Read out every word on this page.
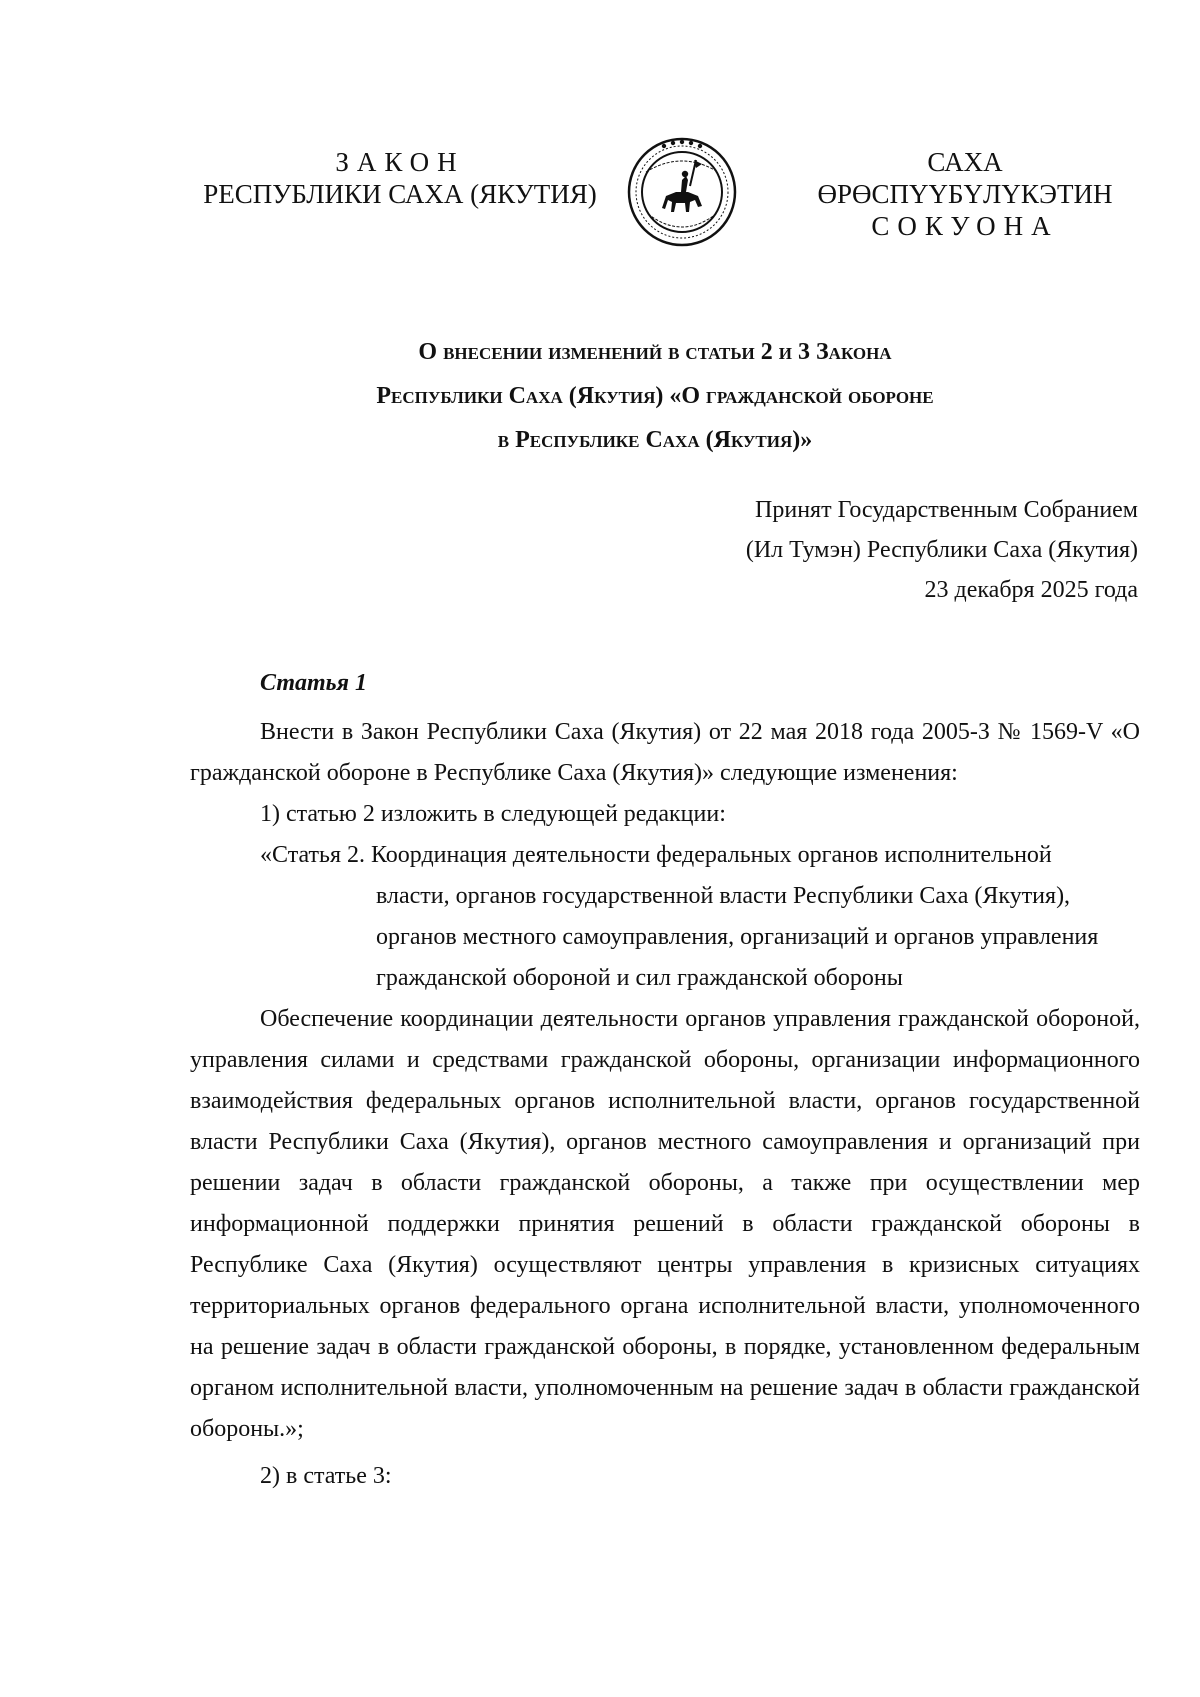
ЗАКОН
РЕСПУБЛИКИ САХА (ЯКУТИЯ)
САХА ӨРӨСПҮҮБҮЛҮКЭТИН
СОКУОНА
О внесении изменений в статьи 2 и 3 Закона
Республики Саха (Якутия) «О гражданской обороне
в Республике Саха (Якутия)»
Принят Государственным Собранием
(Ил Тумэн) Республики Саха (Якутия)
23 декабря 2025 года
Статья 1

Внести в Закон Республики Саха (Якутия) от 22 мая 2018 года 2005-З № 1569-V «О гражданской обороне в Республике Саха (Якутия)» следующие изменения:

1) статью 2 изложить в следующей редакции:
«Статья 2. Координация деятельности федеральных органов исполнительной
власти, органов государственной власти Республики Саха (Якутия),
органов местного самоуправления, организаций и органов управления
гражданской обороной и сил гражданской обороны

Обеспечение координации деятельности органов управления гражданской обороной, управления силами и средствами гражданской обороны, организации информационного взаимодействия федеральных органов исполнительной власти, органов государственной власти Республики Саха (Якутия), органов местного самоуправления и организаций при решении задач в области гражданской обороны, а также при осуществлении мер информационной поддержки принятия решений в области гражданской обороны в Республике Саха (Якутия) осуществляют центры управления в кризисных ситуациях территориальных органов федерального органа исполнительной власти, уполномоченного на решение задач в области гражданской обороны, в порядке, установленном федеральным органом исполнительной власти, уполномоченным на решение задач в области гражданской обороны.»;

2) в статье 3:
